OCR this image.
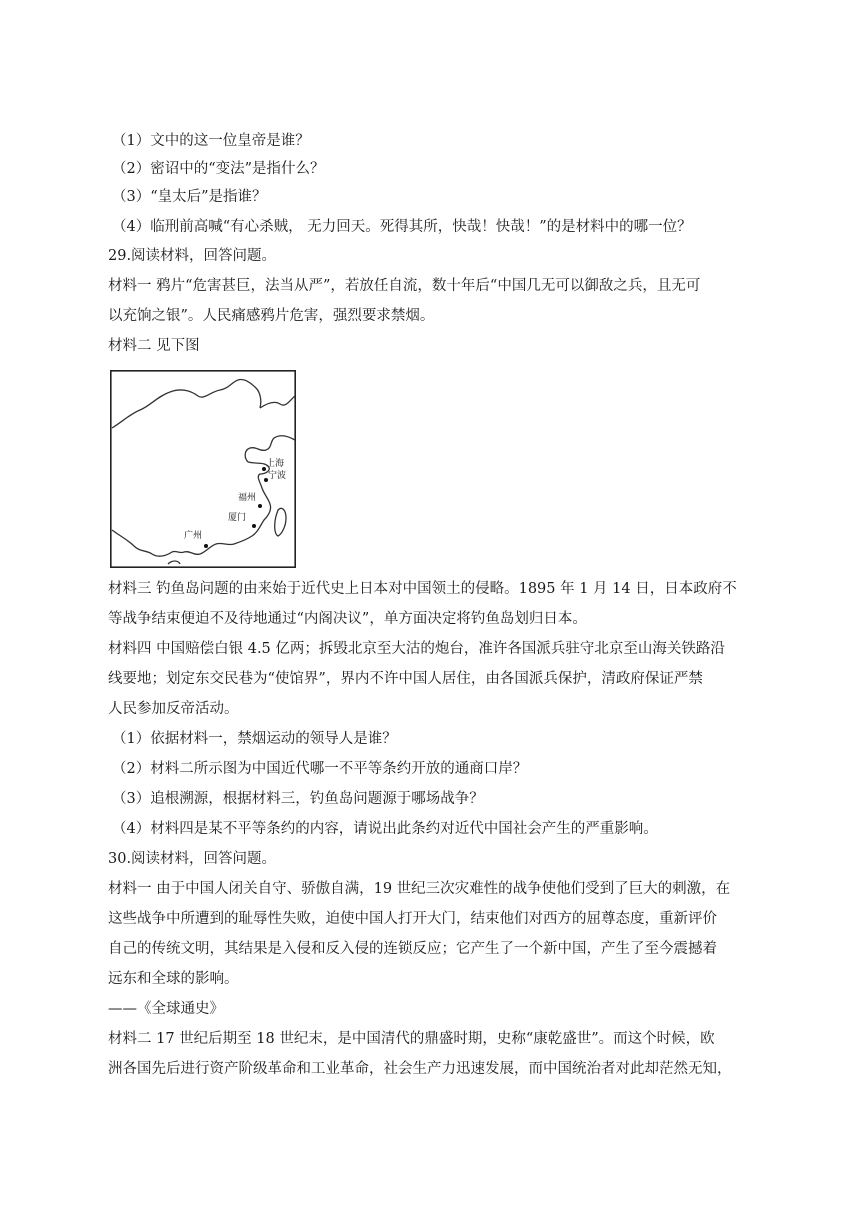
（1）文中的这一位皇帝是谁？
（2）密诏中的“变法”是指什么？
（3）“皇太后”是指谁？
（4）临刑前高喊“有心杀贼， 无力回天。死得其所，快哉！快哉！”的是材料中的哪一位？
29.阅读材料，回答问题。
材料一 鸦片“危害甚巨，法当从严”，若放任自流，数十年后“中国几无可以御敌之兵，且无可
以充饷之银”。人民痛感鸦片危害，强烈要求禁烟。
材料二 见下图
上海
宁波
福州
厦门
广州
材料三 钓鱼岛问题的由来始于近代史上日本对中国领土的侵略。1895 年 1 月 14 日，日本政府不
等战争结束便迫不及待地通过“内阁决议”，单方面决定将钓鱼岛划归日本。
材料四 中国赔偿白银 4.5 亿两；拆毁北京至大沽的炮台，准许各国派兵驻守北京至山海关铁路沿
线要地；划定东交民巷为“使馆界”，界内不许中国人居住，由各国派兵保护，清政府保证严禁
人民参加反帝活动。
（1）依据材料一，禁烟运动的领导人是谁？
（2）材料二所示图为中国近代哪一不平等条约开放的通商口岸？
（3）追根溯源，根据材料三，钓鱼岛问题源于哪场战争？
（4）材料四是某不平等条约的内容，请说出此条约对近代中国社会产生的严重影响。
30.阅读材料，回答问题。
材料一 由于中国人闭关自守、骄傲自满，19 世纪三次灾难性的战争使他们受到了巨大的刺激，在
这些战争中所遭到的耻辱性失败，迫使中国人打开大门，结束他们对西方的屈尊态度，重新评价
自己的传统文明，其结果是入侵和反入侵的连锁反应；它产生了一个新中国，产生了至今震撼着
远东和全球的影响。
——《全球通史》
材料二 17 世纪后期至 18 世纪末，是中国清代的鼎盛时期，史称“康乾盛世”。而这个时候，欧
洲各国先后进行资产阶级革命和工业革命，社会生产力迅速发展，而中国统治者对此却茫然无知，
